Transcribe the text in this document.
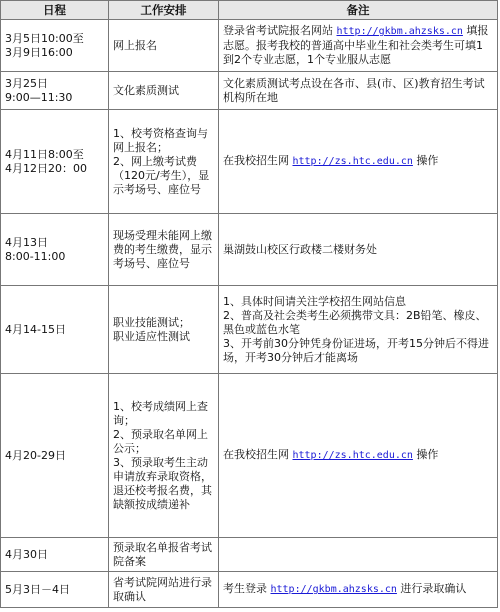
日程	工作安排	备注

3月5日10:00至
3月9日16:00	网上报名	登录省考试院报名网站 http://gkbm.ahzsks.cn 填报志愿。报考我校的普通高中毕业生和社会类考生可填1到2个专业志愿，1个专业服从志愿

3月25日
9:00—11:30	文化素质测试	文化素质测试考点设在各市、县(市、区)教育招生考试机构所在地

4月11日8:00至
4月12日20：00	1、校考资格查询与网上报名；
2、网上缴考试费（120元/考生），显示考场号、座位号	在我校招生网 http://zs.htc.edu.cn 操作

4月13日
8:00-11:00	现场受理未能网上缴费的考生缴费，显示考场号、座位号	巢湖鼓山校区行政楼二楼财务处
4月14-15日	职业技能测试；
职业适应性测试	1、具体时间请关注学校招生网站信息
2、普高及社会类考生必须携带文具：2B铅笔、橡皮、黑色或蓝色水笔
3、开考前30分钟凭身份证进场，开考15分钟后不得进场，开考30分钟后才能离场

4月20-29日	1、校考成绩网上查询；
2、预录取名单网上公示；
3、预录取考生主动申请放弃录取资格，退还校考报名费，其缺额按成绩递补	在我校招生网 http://zs.htc.edu.cn 操作
4月30日	预录取名单报省考试院备案	
5月3日－4日	省考试院网站进行录取确认	考生登录 http://gkbm.ahzsks.cn 进行录取确认
